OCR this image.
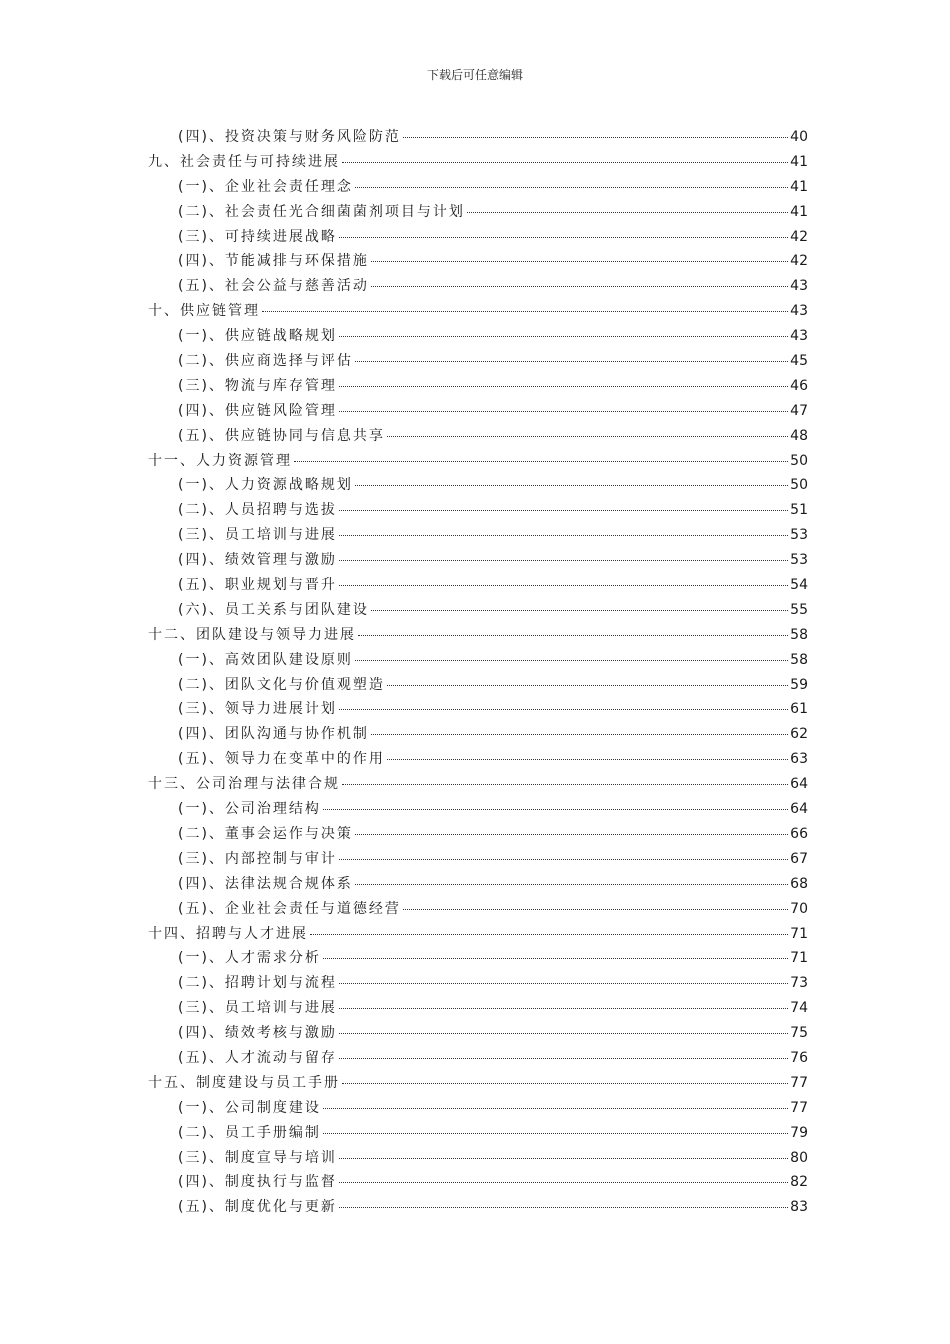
下载后可任意编辑
(四)、投资决策与财务风险防范	40
九、社会责任与可持续进展	41
(一)、企业社会责任理念	41
(二)、社会责任光合细菌菌剂项目与计划	41
(三)、可持续进展战略	42
(四)、节能减排与环保措施	42
(五)、社会公益与慈善活动	43
十、供应链管理	43
(一)、供应链战略规划	43
(二)、供应商选择与评估	45
(三)、物流与库存管理	46
(四)、供应链风险管理	47
(五)、供应链协同与信息共享	48
十一、人力资源管理	50
(一)、人力资源战略规划	50
(二)、人员招聘与选拔	51
(三)、员工培训与进展	53
(四)、绩效管理与激励	53
(五)、职业规划与晋升	54
(六)、员工关系与团队建设	55
十二、团队建设与领导力进展	58
(一)、高效团队建设原则	58
(二)、团队文化与价值观塑造	59
(三)、领导力进展计划	61
(四)、团队沟通与协作机制	62
(五)、领导力在变革中的作用	63
十三、公司治理与法律合规	64
(一)、公司治理结构	64
(二)、董事会运作与决策	66
(三)、内部控制与审计	67
(四)、法律法规合规体系	68
(五)、企业社会责任与道德经营	70
十四、招聘与人才进展	71
(一)、人才需求分析	71
(二)、招聘计划与流程	73
(三)、员工培训与进展	74
(四)、绩效考核与激励	75
(五)、人才流动与留存	76
十五、制度建设与员工手册	77
(一)、公司制度建设	77
(二)、员工手册编制	79
(三)、制度宣导与培训	80
(四)、制度执行与监督	82
(五)、制度优化与更新	83
